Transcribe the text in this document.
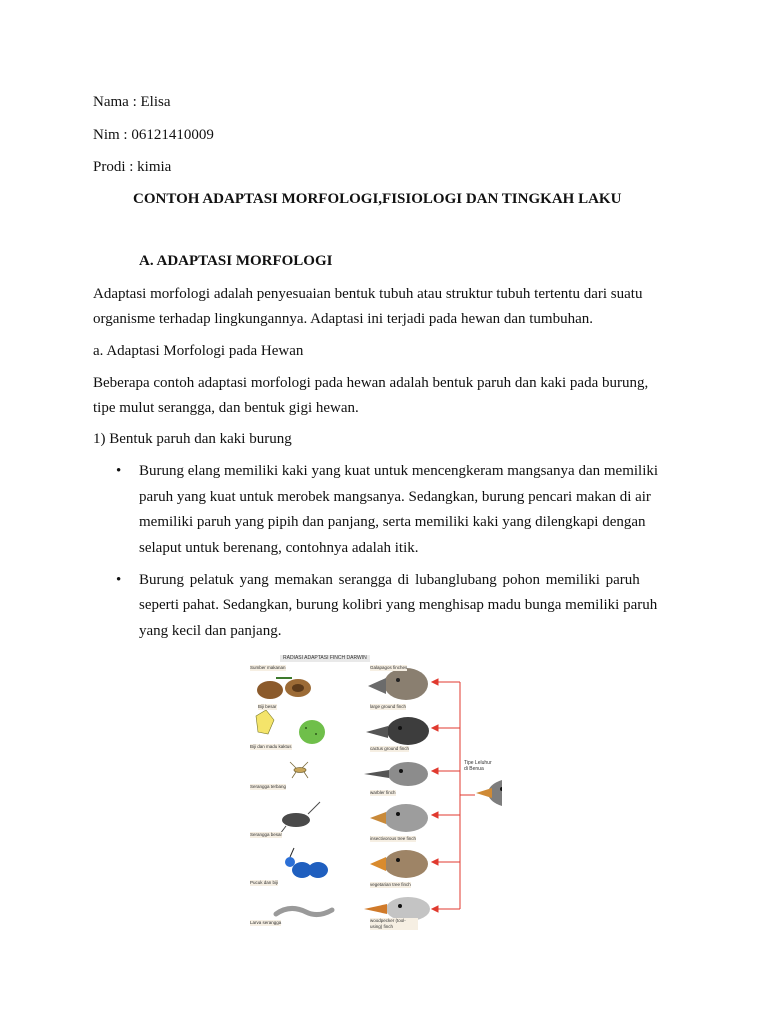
Nama : Elisa

Nim : 06121410009

Prodi : kimia

CONTOH ADAPTASI MORFOLOGI,FISIOLOGI DAN TINGKAH LAKU

A. ADAPTASI MORFOLOGI

Adaptasi morfologi adalah penyesuaian bentuk tubuh atau struktur tubuh tertentu dari suatu

organisme terhadap lingkungannya. Adaptasi ini terjadi pada hewan dan tumbuhan.

a. Adaptasi Morfologi pada Hewan

Beberapa contoh adaptasi morfologi pada hewan adalah bentuk paruh dan kaki pada burung,

tipe mulut serangga, dan bentuk gigi hewan.

1) Bentuk paruh dan kaki burung

• Burung elang memiliki kaki yang kuat untuk mencengkeram mangsanya dan memiliki

paruh yang kuat untuk merobek mangsanya. Sedangkan, burung pencari makan di air

memiliki paruh yang pipih dan panjang, serta memiliki kaki yang dilengkapi dengan

selaput untuk berenang, contohnya adalah itik.

• Burung pelatuk yang memakan serangga di lubanglubang pohon memiliki paruh

seperti pahat. Sedangkan, burung kolibri yang menghisap madu bunga memiliki paruh

yang kecil dan panjang.

RADIASI ADAPTASI FINCH DARWIN
Sumber makanan	Galapagos finches
Biji besar
Biji dan madu kaktus
Serangga terbang
Serangga besar
Pucuk dan biji
Larva serangga
large ground finch
cactus ground finch
warbler finch
insectivorous tree finch
vegetarian tree finch
woodpecker (tool-using) finch
Tipe Leluhur di Benua
